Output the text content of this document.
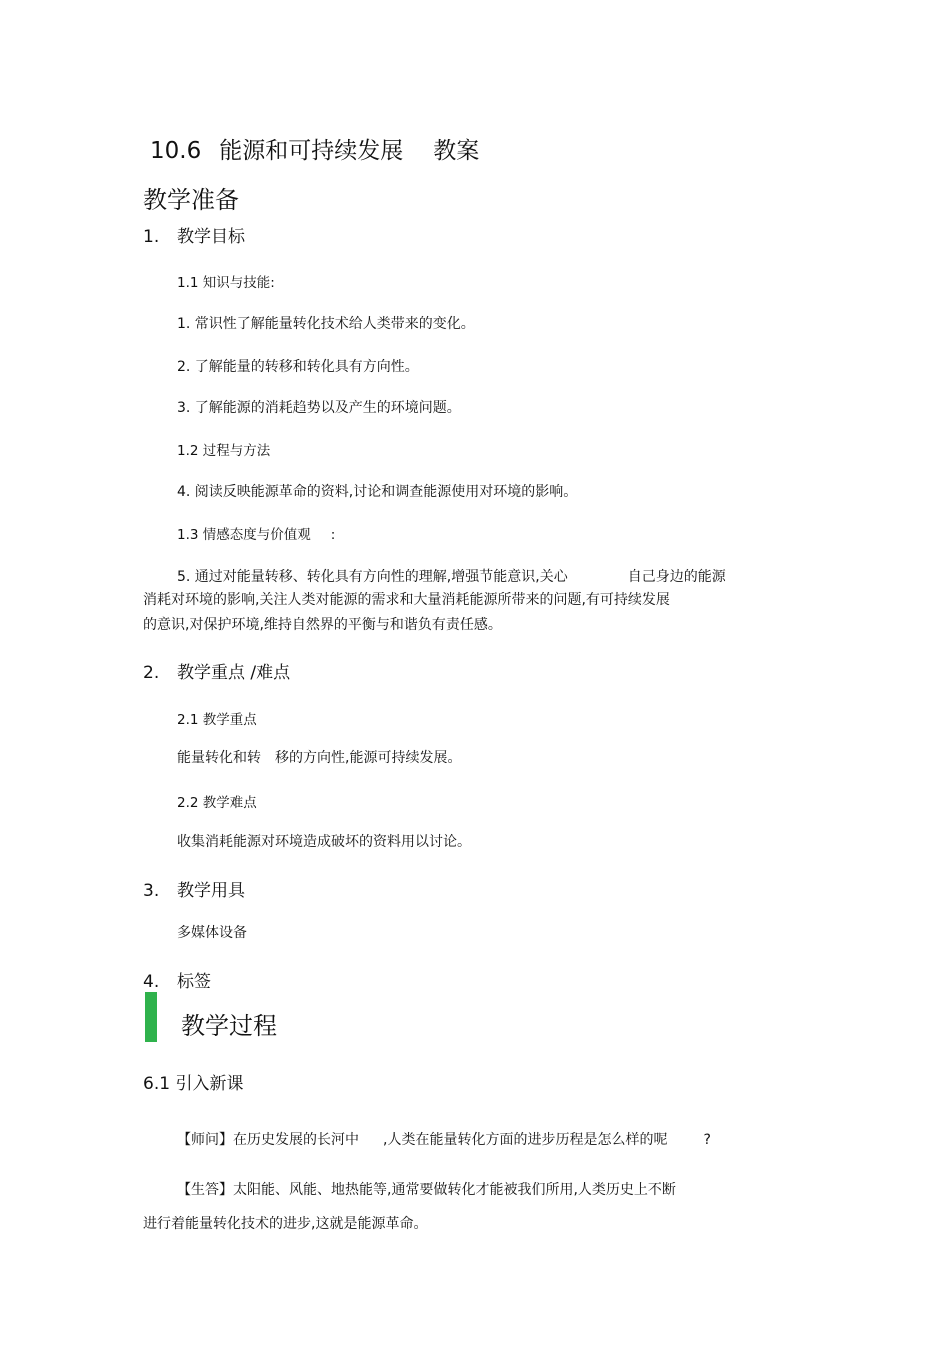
10.6 能源和可持续发展 教案
教学准备
1. 教学目标
1.1 知识与技能:
1. 常识性了解能量转化技术给人类带来的变化。
2. 了解能量的转移和转化具有方向性。
3. 了解能源的消耗趋势以及产生的环境问题。
1.2 过程与方法
4. 阅读反映能源革命的资料,讨论和调查能源使用对环境的影响。
1.3 情感态度与价值观 :
5. 通过对能量转移、转化具有方向性的理解,增强节能意识,关心	自己身边的能源
消耗对环境的影响,关注人类对能源的需求和大量消耗能源所带来的问题,有可持续发展
的意识,对保护环境,维持自然界的平衡与和谐负有责任感。
2. 教学重点 /难点
2.1 教学重点
能量转化和转 移的方向性,能源可持续发展。
2.2 教学难点
收集消耗能源对环境造成破坏的资料用以讨论。
3. 教学用具
多媒体设备
4. 标签
教学过程
6.1 引入新课
【师问】在历史发展的长河中 ,人类在能量转化方面的进步历程是怎么样的呢	?
【生答】太阳能、风能、地热能等,通常要做转化才能被我们所用,人类历史上不断
进行着能量转化技术的进步,这就是能源革命。
